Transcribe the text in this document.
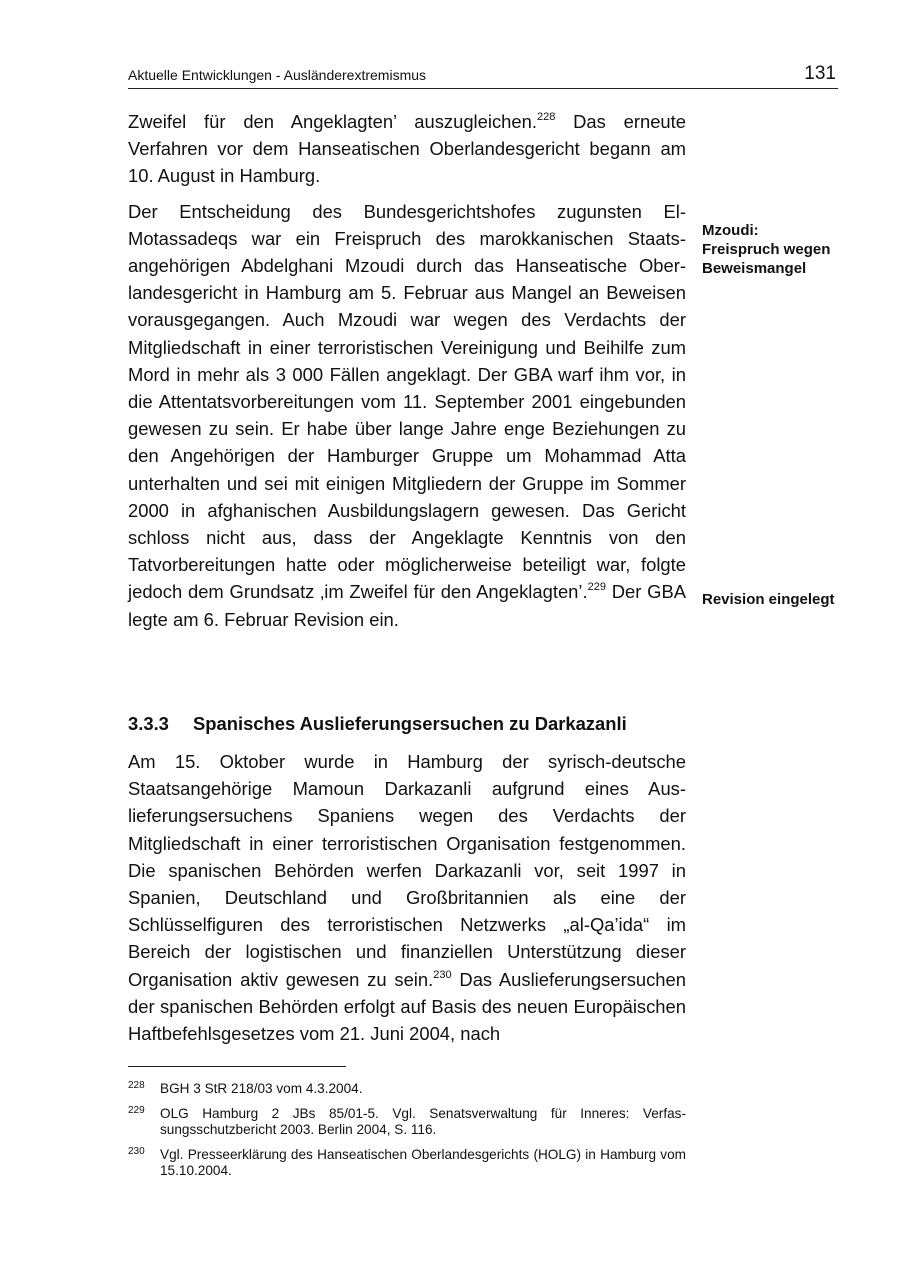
Aktuelle Entwicklungen - Ausländerextremismus	131

Zweifel für den Angeklagten’ auszugleichen.$^{228}$ Das erneute Verfahren vor dem Hanseatischen Oberlandesgericht begann am 10. August in Hamburg.

Der Entscheidung des Bundesgerichtshofes zugunsten El-Motassadeqs war ein Freispruch des marokkanischen Staatsangehörigen Abdelghani Mzoudi durch das Hanseatische Oberlandesgericht in Hamburg am 5. Februar aus Mangel an Beweisen vorausgegangen. Auch Mzoudi war wegen des Verdachts der Mitgliedschaft in einer terroristischen Vereinigung und Beihilfe zum Mord in mehr als 3 000 Fällen angeklagt. Der GBA warf ihm vor, in die Attentatsvorbereitungen vom 11. September 2001 eingebunden gewesen zu sein. Er habe über lange Jahre enge Beziehungen zu den Angehörigen der Hamburger Gruppe um Mohammad Atta unterhalten und sei mit einigen Mitgliedern der Gruppe im Sommer 2000 in afghanischen Ausbildungslagern gewesen. Das Gericht schloss nicht aus, dass der Angeklagte Kenntnis von den Tatvorbereitungen hatte oder möglicherweise beteiligt war, folgte jedoch dem Grundsatz ‚im Zweifel für den Angeklagten’.$^{229}$ Der GBA legte am 6. Februar Revision ein.

3.3.3 Spanisches Auslieferungsersuchen zu Darkazanli

Am 15. Oktober wurde in Hamburg der syrisch-deutsche Staatsangehörige Mamoun Darkazanli aufgrund eines Auslieferungsersuchens Spaniens wegen des Verdachts der Mitgliedschaft in einer terroristischen Organisation festgenommen. Die spanischen Behörden werfen Darkazanli vor, seit 1997 in Spanien, Deutschland und Großbritannien als eine der Schlüsselfiguren des terroristischen Netzwerks „al-Qa’ida“ im Bereich der logistischen und finanziellen Unterstützung dieser Organisation aktiv gewesen zu sein.$^{230}$ Das Auslieferungsersuchen der spanischen Behörden erfolgt auf Basis des neuen Europäischen Haftbefehlsgesetzes vom 21. Juni 2004, nach

Mzoudi:
Freispruch wegen
Beweismangel
Revision eingelegt
228 BGH 3 StR 218/03 vom 4.3.2004.
229 OLG Hamburg 2 JBs 85/01-5. Vgl. Senatsverwaltung für Inneres: Verfassungsschutzbericht 2003. Berlin 2004, S. 116.
230 Vgl. Presseerklärung des Hanseatischen Oberlandesgerichts (HOLG) in Hamburg vom 15.10.2004.
